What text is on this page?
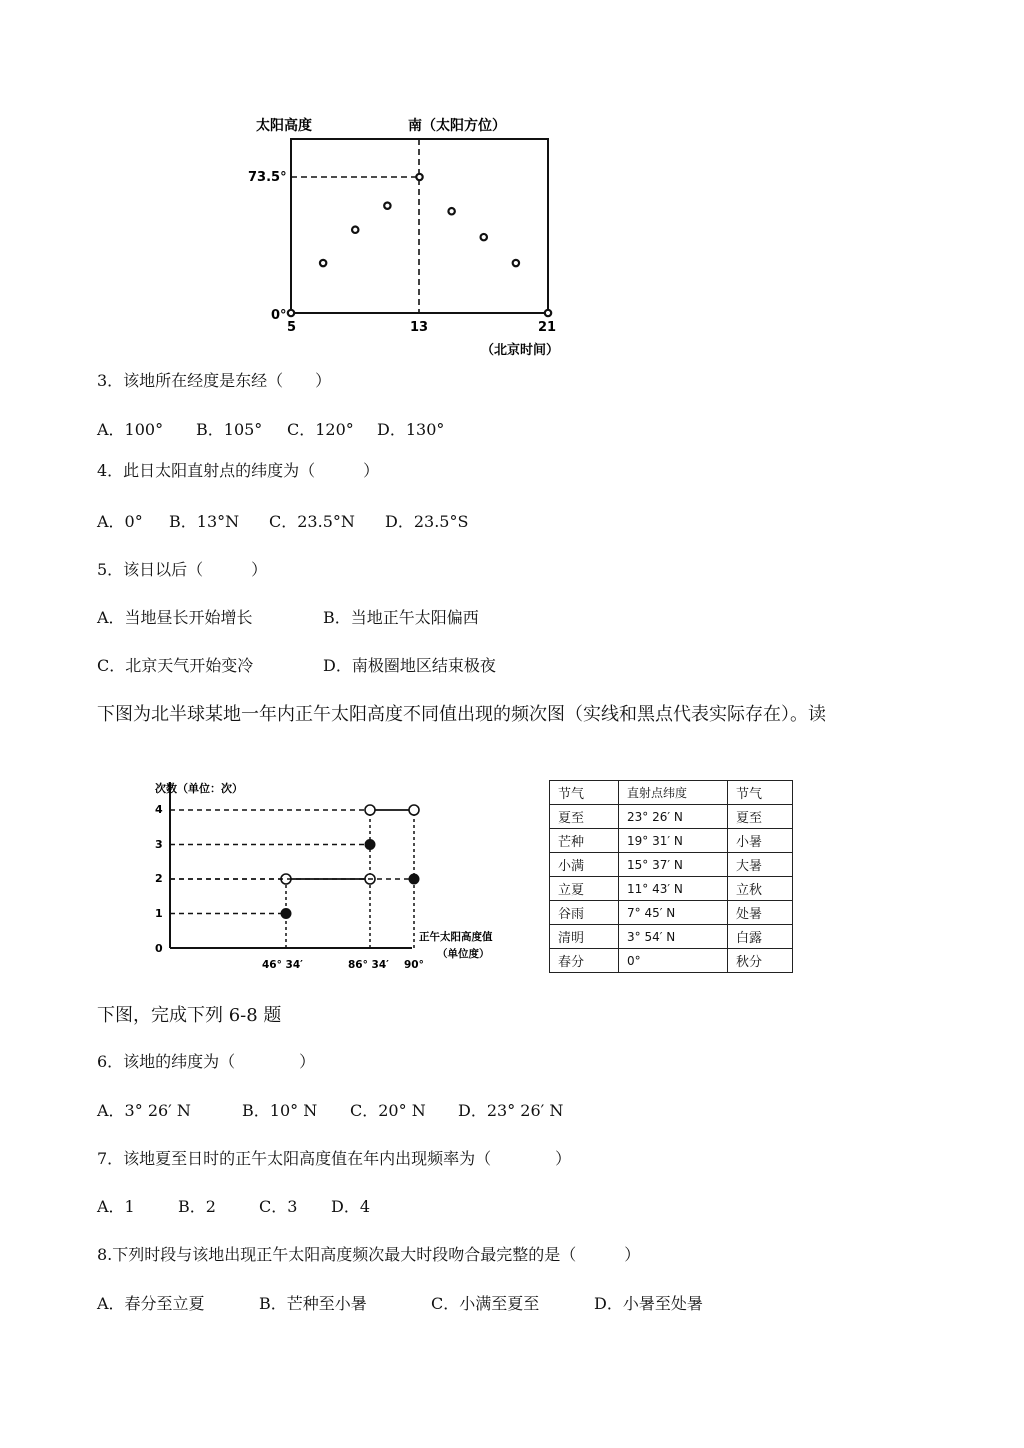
太阳高度	南（太阳方位）
73.5°
0°
5	13	21
（北京时间）
3．该地所在经度是东经（　　）
A．100° B．105° C．120° D．130°
4．此日太阳直射点的纬度为（　　　）
A．0° B．13°N C．23.5°N D．23.5°S
5．该日以后（　　　）
A．当地昼长开始增长	B．当地正午太阳偏西
C．北京天气开始变冷	D．南极圈地区结束极夜
下图为北半球某地一年内正午太阳高度不同值出现的频次图（实线和黑点代表实际存在）。读
次数（单位：次）
0
1
2
3
4
46° 34′	86° 34′ 90°
正午太阳高度值
（单位度）
节气	直射点纬度	节气
夏至	23° 26′ N	夏至
芒种	19° 31′ N	小暑
小满	15° 37′ N	大暑
立夏	11° 43′ N	立秋
谷雨	7° 45′ N	处暑
清明	3° 54′ N	白露
春分	0°	秋分
下图，完成下列 6-8 题
6．该地的纬度为（　　　　）
A．3° 26′ N	B．10° N C．20° N D．23° 26′ N
7．该地夏至日时的正午太阳高度值在年内出现频率为（　　　　）
A．1	B．2	C．3 D．4
8.下列时段与该地出现正午太阳高度频次最大时段吻合最完整的是（　　　）
A．春分至立夏	B．芒种至小暑	C．小满至夏至	D．小暑至处暑
